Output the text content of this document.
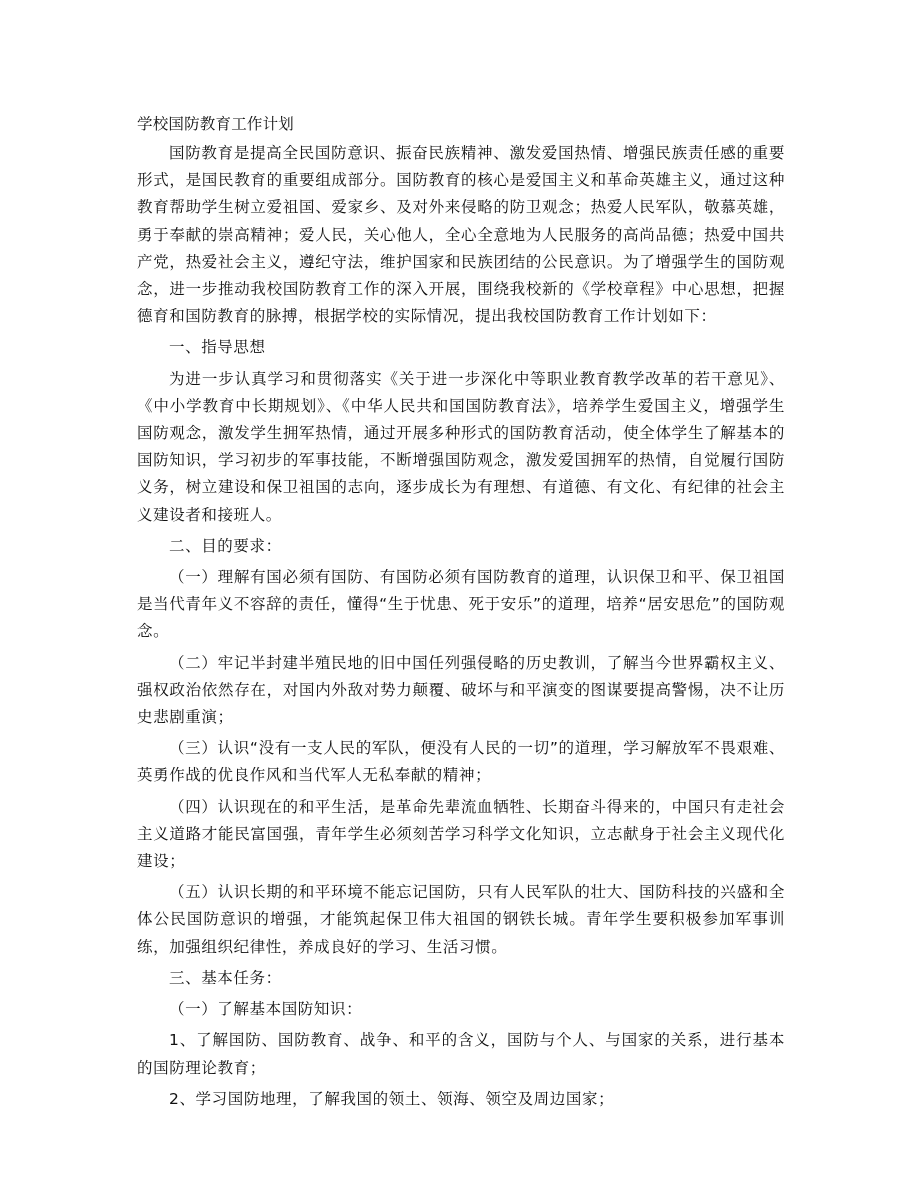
学校国防教育工作计划

国防教育是提高全民国防意识、振奋民族精神、激发爱国热情、增强民族责任感的重要形式，是国民教育的重要组成部分。国防教育的核心是爱国主义和革命英雄主义，通过这种教育帮助学生树立爱祖国、爱家乡、及对外来侵略的防卫观念；热爱人民军队，敬慕英雄，勇于奉献的崇高精神；爱人民，关心他人，全心全意地为人民服务的高尚品德；热爱中国共产党，热爱社会主义，遵纪守法，维护国家和民族团结的公民意识。为了增强学生的国防观念，进一步推动我校国防教育工作的深入开展，围绕我校新的《学校章程》中心思想，把握德育和国防教育的脉搏，根据学校的实际情况，提出我校国防教育工作计划如下：

一、指导思想

为进一步认真学习和贯彻落实《关于进一步深化中等职业教育教学改革的若干意见》、《中小学教育中长期规划》、《中华人民共和国国防教育法》，培养学生爱国主义，增强学生国防观念，激发学生拥军热情，通过开展多种形式的国防教育活动，使全体学生了解基本的国防知识，学习初步的军事技能，不断增强国防观念，激发爱国拥军的热情，自觉履行国防义务，树立建设和保卫祖国的志向，逐步成长为有理想、有道德、有文化、有纪律的社会主义建设者和接班人。

二、目的要求：

（一）理解有国必须有国防、有国防必须有国防教育的道理，认识保卫和平、保卫祖国是当代青年义不容辞的责任，懂得“生于忧患、死于安乐”的道理，培养“居安思危”的国防观念。

（二）牢记半封建半殖民地的旧中国任列强侵略的历史教训，了解当今世界霸权主义、强权政治依然存在，对国内外敌对势力颠覆、破坏与和平演变的图谋要提高警惕，决不让历史悲剧重演；

（三）认识“没有一支人民的军队，便没有人民的一切”的道理，学习解放军不畏艰难、英勇作战的优良作风和当代军人无私奉献的精神；

（四）认识现在的和平生活，是革命先辈流血牺牲、长期奋斗得来的，中国只有走社会主义道路才能民富国强，青年学生必须刻苦学习科学文化知识，立志献身于社会主义现代化建设；

（五）认识长期的和平环境不能忘记国防，只有人民军队的壮大、国防科技的兴盛和全体公民国防意识的增强，才能筑起保卫伟大祖国的钢铁长城。青年学生要积极参加军事训练，加强组织纪律性，养成良好的学习、生活习惯。

三、基本任务：

（一）了解基本国防知识：

1、了解国防、国防教育、战争、和平的含义，国防与个人、与国家的关系，进行基本的国防理论教育；

2、学习国防地理，了解我国的领土、领海、领空及周边国家；
